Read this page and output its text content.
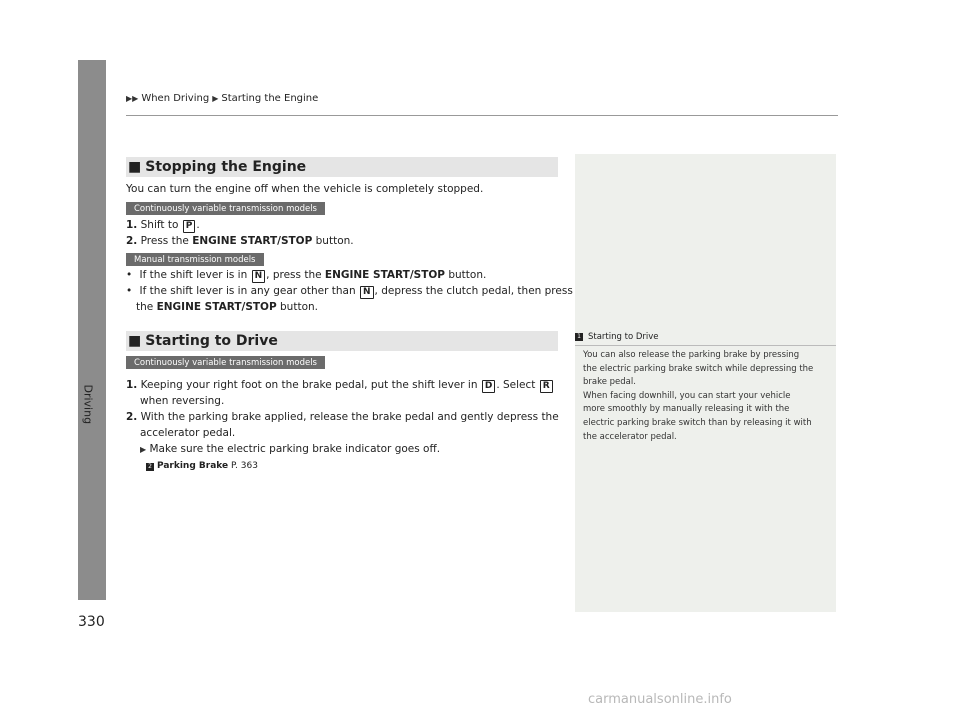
Driving
▶▶ When Driving ▶ Starting the Engine
■ Stopping the Engine
You can turn the engine off when the vehicle is completely stopped.
Continuously variable transmission models
1. Shift to P .
2. Press the ENGINE START/STOP button.
Manual transmission models
• If the shift lever is in N , press the ENGINE START/STOP button.
• If the shift lever is in any gear other than N , depress the clutch pedal, then press
the ENGINE START/STOP button.
■ Starting to Drive
Continuously variable transmission models
1. Keeping your right foot on the brake pedal, put the shift lever in D . Select R
when reversing.
2. With the parking brake applied, release the brake pedal and gently depress the
accelerator pedal.
▶ Make sure the electric parking brake indicator goes off.
2 Parking Brake P. 363
1 Starting to Drive
You can also release the parking brake by pressing
the electric parking brake switch while depressing the
brake pedal.
When facing downhill, you can start your vehicle
more smoothly by manually releasing it with the
electric parking brake switch than by releasing it with
the accelerator pedal.
330
carmanualsonline.info
